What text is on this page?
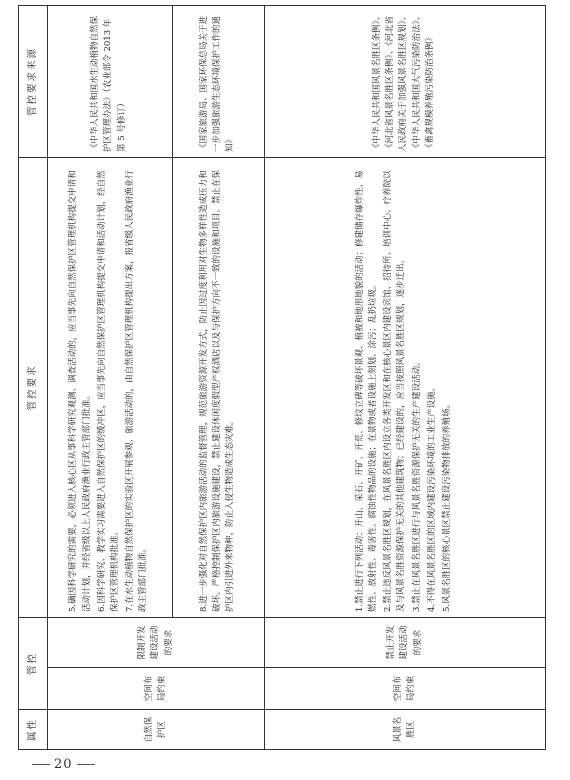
属性	管控		管控要求	管控要求来源
自然保护区	空间布局约束	限制开发建设活动的要求	5.确因科学研究的需要，必须进入核心区从事科学研究观测、调查活动的，应当事先向自然保护区管理机构提交申请和活动计划，并经省级以上人民政府渔业行政主管部门批准。 6.因科学研究、教学实习需要进入自然保护区的缓冲区，应当事先向自然保护区管理机构提交申请和活动计划，经自然保护区管理机构批准。 7.在水生动植物自然保护区的实验区开展参观、旅游活动的，由自然保护区管理机构提出方案，报省级人民政府渔业行政主管部门批准。	《中华人民共和国水生动植物自然保护区管理办法》（农业部令 2013 年第 5 号修订）

			8.进一步强化对自然保护区内旅游活动的监督管理，规范旅游资源开发方式，防止因过度利用对生物多样性造成压力和破坏。严格控制保护区内旅游设施建设，禁止建设休闲度假型产权酒店以及与保护方向不一致的设施和项目。禁止在保护区内引进外来物种，防止入侵生物造成生态灾难。	《国家旅游局、国家环保总局关于进一步加强旅游生态环境保护工作的通知》

风景名胜区	空间布局约束	禁止开发建设活动的要求	1.禁止进行下列活动：开山、采石、开矿、开荒、修坟立碑等破坏景观、植被和地形地貌的活动；修建储存爆炸性、易燃性、放射性、毒害性、腐蚀性物品的设施；在景物或者设施上刻划、涂污；乱扔垃圾。 2.禁止违反风景名胜区规划，在风景名胜区内设立各类开发区和在核心景区内建设宾馆、招待所、培训中心、疗养院以及与风景名胜资源保护无关的其他建筑物；已经建设的，应当按照风景名胜区规划，逐步迁出。 3.禁止在风景名胜区进行与风景名胜资源保护无关的生产建设活动。 4.不得在风景名胜区的区域内建设污染环境的工业生产设施。 5.风景名胜区的核心景区禁止建设污染物排放的养殖场。	《中华人民共和国风景名胜区条例》、《河北省风景名胜区条例》、《河北省人民政府关于加强风景名胜区规划》、《中华人民共和国大气污染防治法》、《畜禽规模养殖污染防治条例》

20
